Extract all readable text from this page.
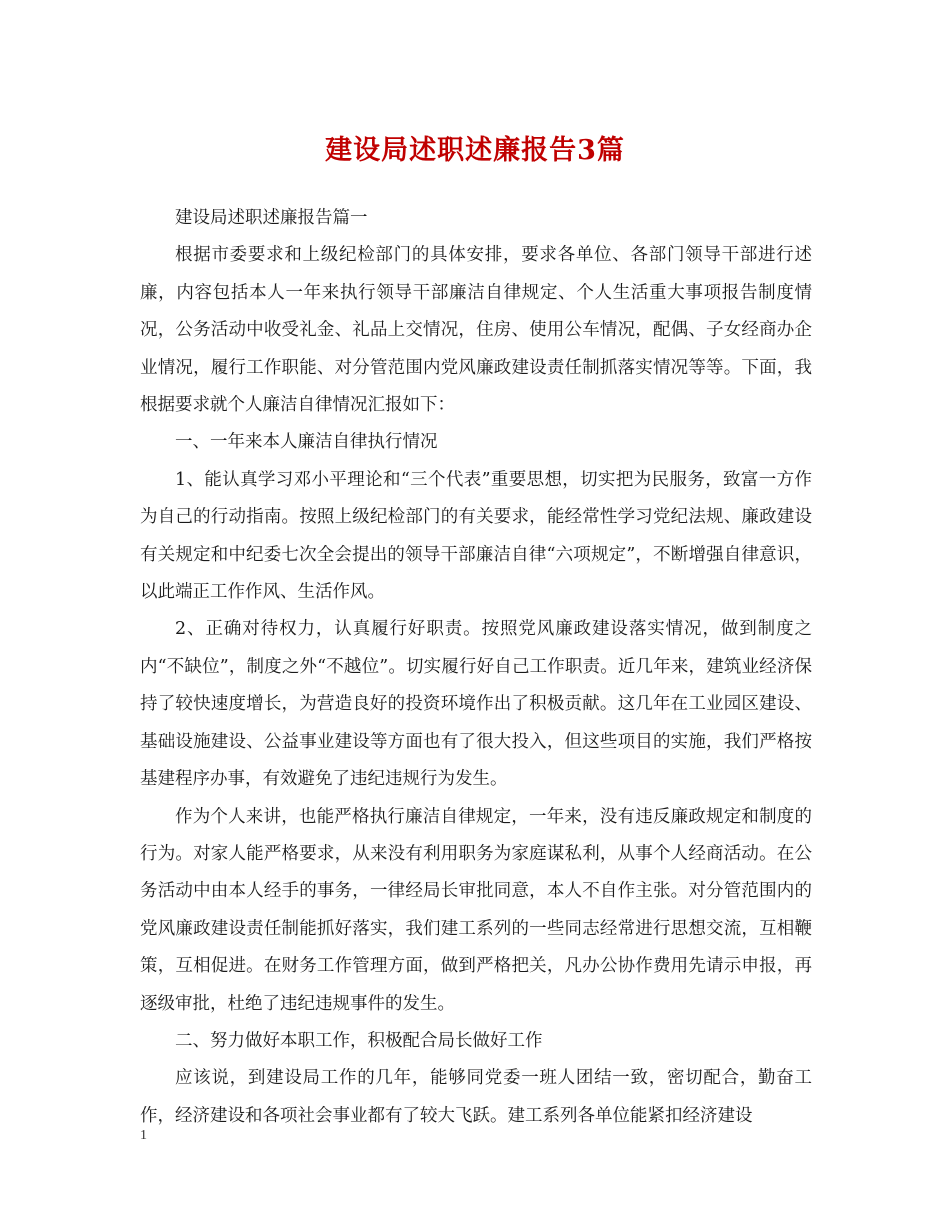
建设局述职述廉报告3篇

建设局述职述廉报告篇一

根据市委要求和上级纪检部门的具体安排，要求各单位、各部门领导干部进行述廉，内容包括本人一年来执行领导干部廉洁自律规定、个人生活重大事项报告制度情况，公务活动中收受礼金、礼品上交情况，住房、使用公车情况，配偶、子女经商办企业情况，履行工作职能、对分管范围内党风廉政建设责任制抓落实情况等等。下面，我根据要求就个人廉洁自律情况汇报如下：

一、一年来本人廉洁自律执行情况

1、能认真学习邓小平理论和“三个代表”重要思想，切实把为民服务，致富一方作为自己的行动指南。按照上级纪检部门的有关要求，能经常性学习党纪法规、廉政建设有关规定和中纪委七次全会提出的领导干部廉洁自律“六项规定”，不断增强自律意识，以此端正工作作风、生活作风。

2、正确对待权力，认真履行好职责。按照党风廉政建设落实情况，做到制度之内“不缺位”，制度之外“不越位”。切实履行好自己工作职责。近几年来，建筑业经济保持了较快速度增长，为营造良好的投资环境作出了积极贡献。这几年在工业园区建设、基础设施建设、公益事业建设等方面也有了很大投入，但这些项目的实施，我们严格按基建程序办事，有效避免了违纪违规行为发生。

作为个人来讲，也能严格执行廉洁自律规定，一年来，没有违反廉政规定和制度的行为。对家人能严格要求，从来没有利用职务为家庭谋私利，从事个人经商活动。在公务活动中由本人经手的事务，一律经局长审批同意，本人不自作主张。对分管范围内的党风廉政建设责任制能抓好落实，我们建工系列的一些同志经常进行思想交流，互相鞭策，互相促进。在财务工作管理方面，做到严格把关，凡办公协作费用先请示申报，再逐级审批，杜绝了违纪违规事件的发生。

二、努力做好本职工作，积极配合局长做好工作

应该说，到建设局工作的几年，能够同党委一班人团结一致，密切配合，勤奋工作，经济建设和各项社会事业都有了较大飞跃。建工系列各单位能紧扣经济建设

1
